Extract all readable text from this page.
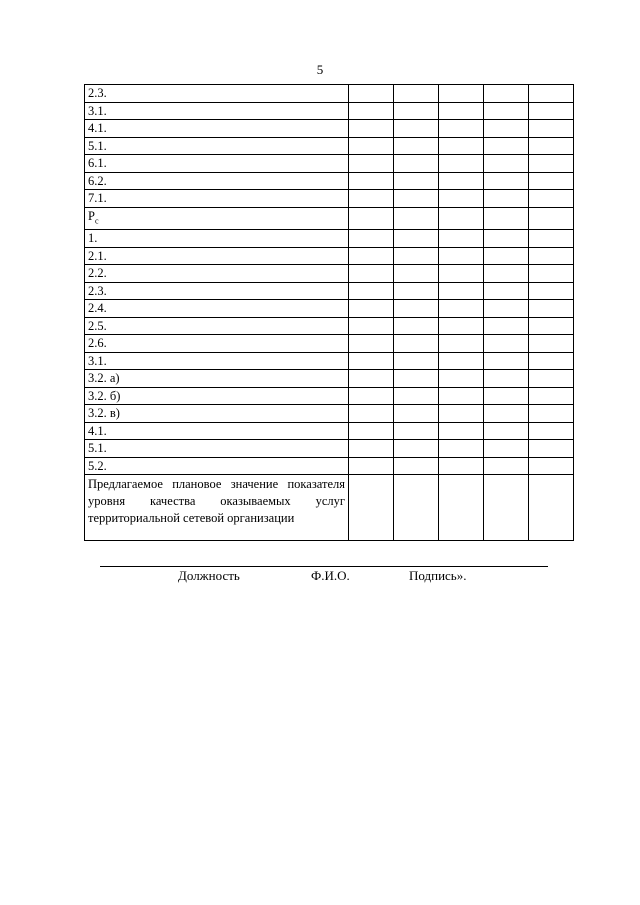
5
2.3.					
3.1.					
4.1.					
5.1.					
6.1.					
6.2.					
7.1.					
$P_c$					
1.					
2.1.					
2.2.					
2.3.					
2.4.					
2.5.					
2.6.					
3.1.					
3.2. а)					
3.2. б)					
3.2. в)					
4.1.					
5.1.					
5.2.					
Предлагаемое плановое значение показателя уровня качества оказываемых услуг территориальной сетевой организации					
Должность	Ф.И.О.	Подпись».
